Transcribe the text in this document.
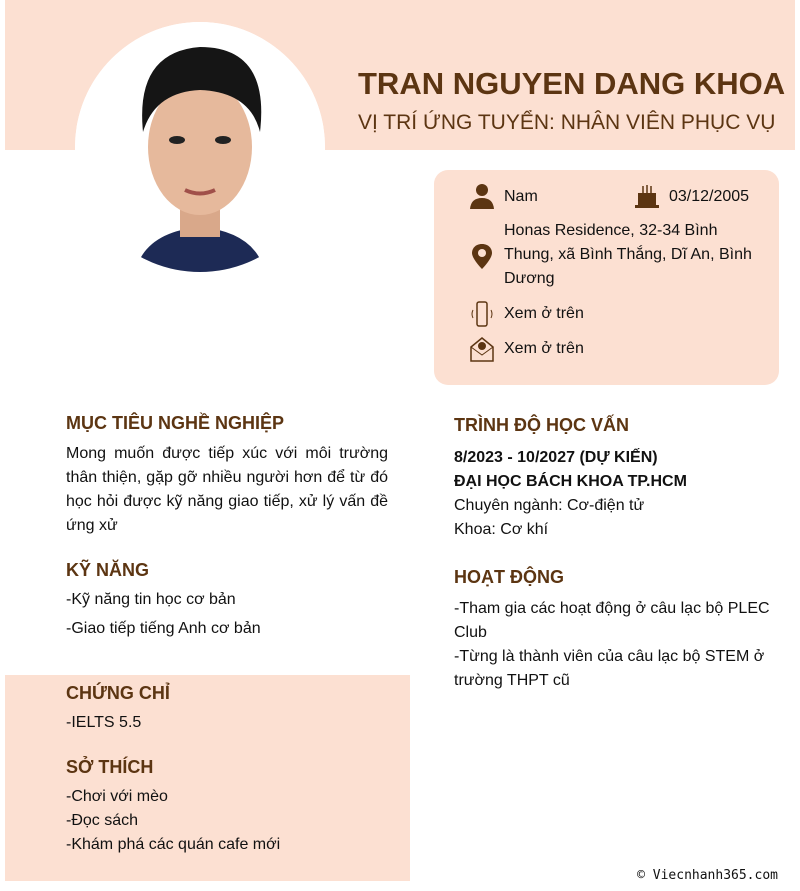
TRAN NGUYEN DANG KHOA
VỊ TRÍ ỨNG TUYỂN: NHÂN VIÊN PHỤC VỤ
Nam	03/12/2005
Honas Residence, 32-34 Bình Thung, xã Bình Thắng, Dĩ An, Bình Dương
Xem ở trên
Xem ở trên
MỤC TIÊU NGHỀ NGHIỆP
Mong muốn được tiếp xúc với môi trường thân thiện, gặp gỡ nhiều người hơn để từ đó học hỏi được kỹ năng giao tiếp, xử lý vấn đề ứng xử
KỸ NĂNG
-Kỹ năng tin học cơ bản
-Giao tiếp tiếng Anh cơ bản
CHỨNG CHỈ
-IELTS 5.5
SỞ THÍCH
-Chơi với mèo
-Đọc sách
-Khám phá các quán cafe mới
TRÌNH ĐỘ HỌC VẤN
8/2023 - 10/2027 (DỰ KIẾN)
ĐẠI HỌC BÁCH KHOA TP.HCM
Chuyên ngành: Cơ-điện tử
Khoa: Cơ khí
HOẠT ĐỘNG
-Tham gia các hoạt động ở câu lạc bộ PLEC Club
-Từng là thành viên của câu lạc bộ STEM ở trường THPT cũ
© Viecnhanh365.com
